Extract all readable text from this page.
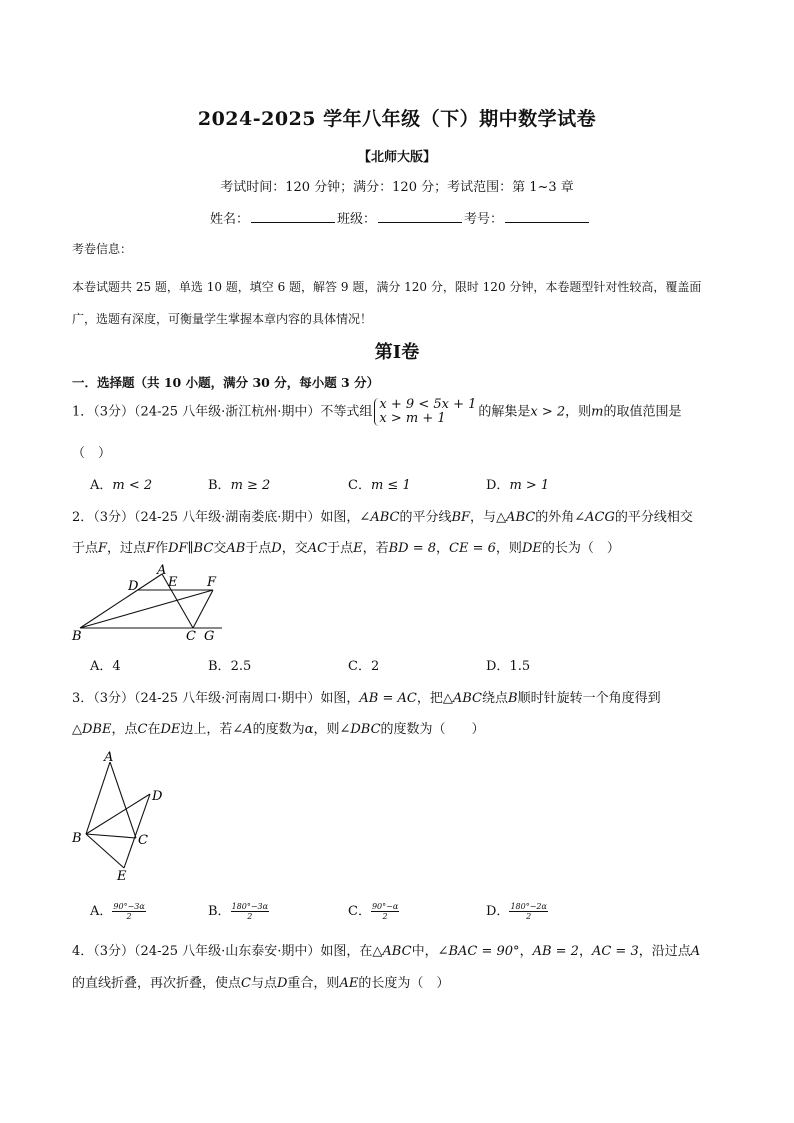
2024-2025 学年八年级（下）期中数学试卷
【北师大版】
考试时间：120 分钟；满分：120 分；考试范围：第 1~3 章
姓名：	班级：	考号：
考卷信息：
本卷试题共 25 题，单选 10 题，填空 6 题，解答 9 题，满分 120 分，限时 120 分钟，本卷题型针对性较高，覆盖面广，选题有深度，可衡量学生掌握本章内容的具体情况！
第Ⅰ卷
一．选择题（共 10 小题，满分 30 分，每小题 3 分）
1．（3分）（24-25 八年级·浙江杭州·期中）不等式组 x + 9 < 5x + 1
x > m + 1	的解集是x > 2，则m的取值范围是
（　）
A．m < 2	B．m ≥ 2	C．m ≤ 1	D．m > 1
2．（3分）（24-25 八年级·湖南娄底·期中）如图，∠ABC的平分线BF，与△ABC的外角∠ACG的平分线相交
于点F，过点F作DF∥BC交AB于点D，交AC于点E，若BD = 8，CE = 6，则DE的长为（　）
A
B	C
D E F
G
A．4	B．2.5	C．2	D．1.5
3．（3分）（24-25 八年级·河南周口·期中）如图，AB = AC，把△ABC绕点B顺时针旋转一个角度得到
△DBE，点C在DE边上，若∠A的度数为α，则∠DBC的度数为（　　）
A
B	C
D
E
A． $\frac{90^\circ-3\alpha}{2}$	B． $\frac{180^\circ-3\alpha}{2}$	C． $\frac{90^\circ-\alpha}{2}$	D． $\frac{180^\circ-2\alpha}{2}$
4．（3分）（24-25 八年级·山东泰安·期中）如图，在△ABC中，∠BAC = 90°，AB = 2，AC = 3，沿过点A
的直线折叠，再次折叠，使点C与点D重合，则AE的长度为（　）
